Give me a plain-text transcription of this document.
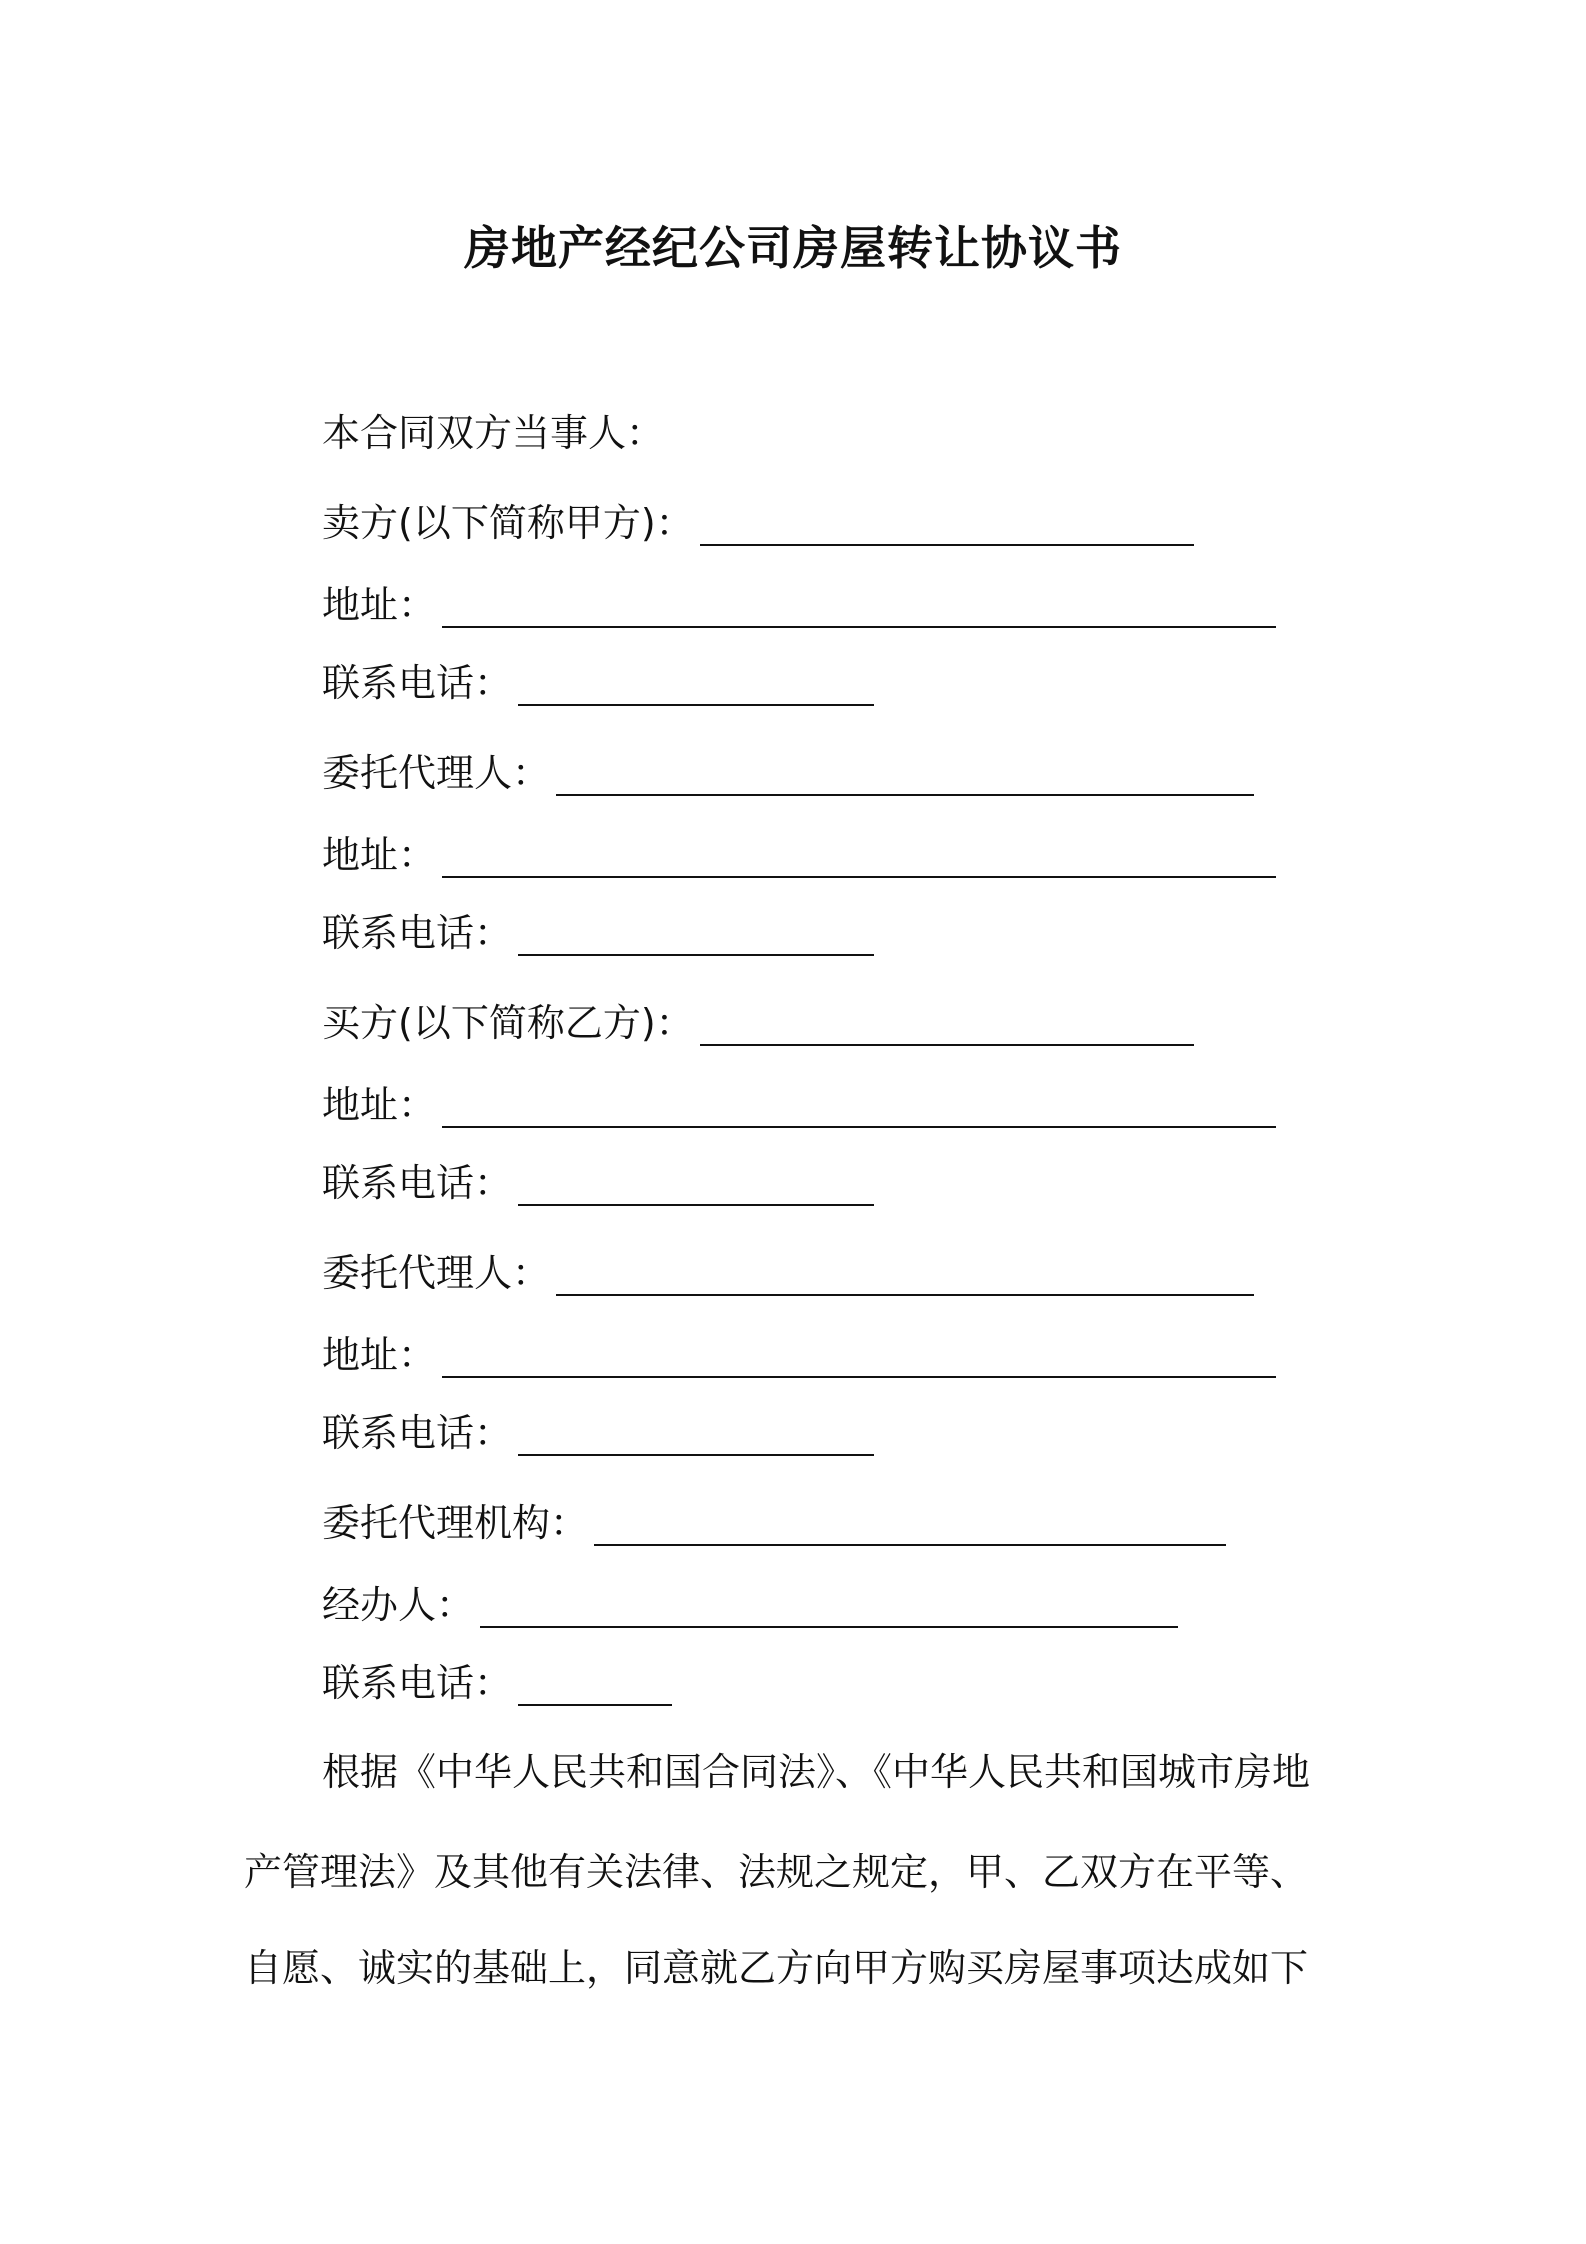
房地产经纪公司房屋转让协议书
本合同双方当事人：
卖方(以下简称甲方)：
地址：
联系电话：
委托代理人：
地址：
联系电话：
买方(以下简称乙方)：
地址：
联系电话：
委托代理人：
地址：
联系电话：
委托代理机构：
经办人：
联系电话：
根据《中华人民共和国合同法》、《中华人民共和国城市房地
产管理法》及其他有关法律、法规之规定，甲、乙双方在平等、
自愿、诚实的基础上，同意就乙方向甲方购买房屋事项达成如下
